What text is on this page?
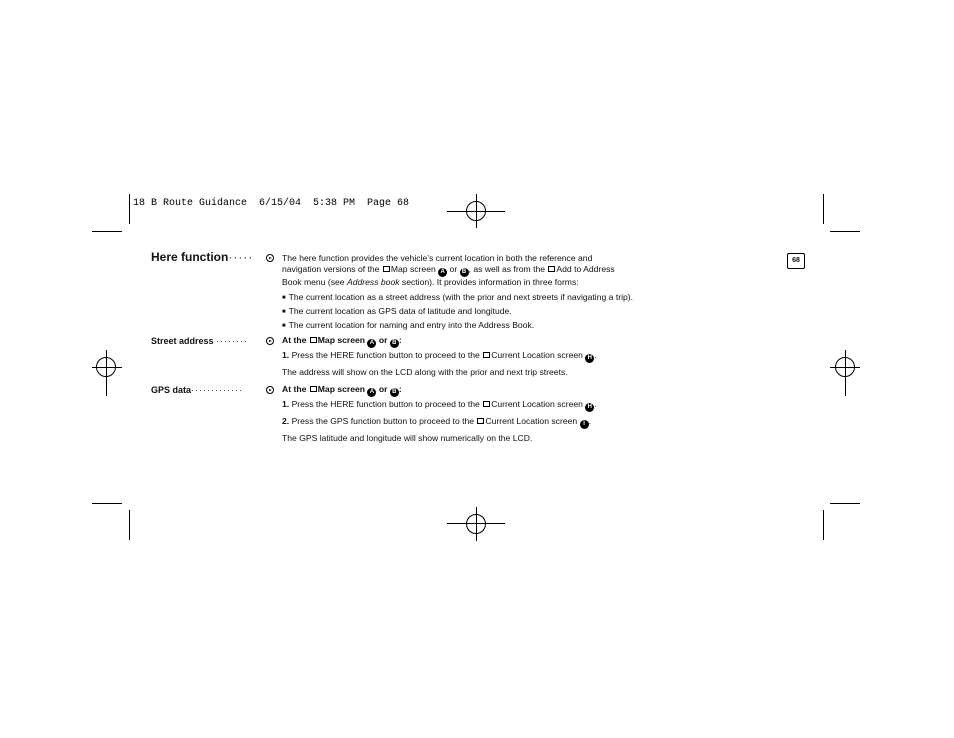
18 B Route Guidance  6/15/04  5:38 PM  Page 68
68
Here function·····	The here function provides the vehicle’s current location in both the reference and

navigation versions of the Map screen A or B , as well as from the Add to Address

Book menu (see Address book section). It provides information in three forms:

■ The current location as a street address (with the prior and next streets if navigating a trip).

■ The current location as GPS data of latitude and longitude.

■ The current location for naming and entry into the Address Book.

Street address ········	At the Map screen A or B :

1. Press the HERE function button to proceed to the Current Location screen H .

The address will show on the LCD along with the prior and next trip streets.

GPS data·············	At the Map screen A or B :

1. Press the HERE function button to proceed to the Current Location screen H .

2. Press the GPS function button to proceed to the Current Location screen I .

The GPS latitude and longitude will show numerically on the LCD.
